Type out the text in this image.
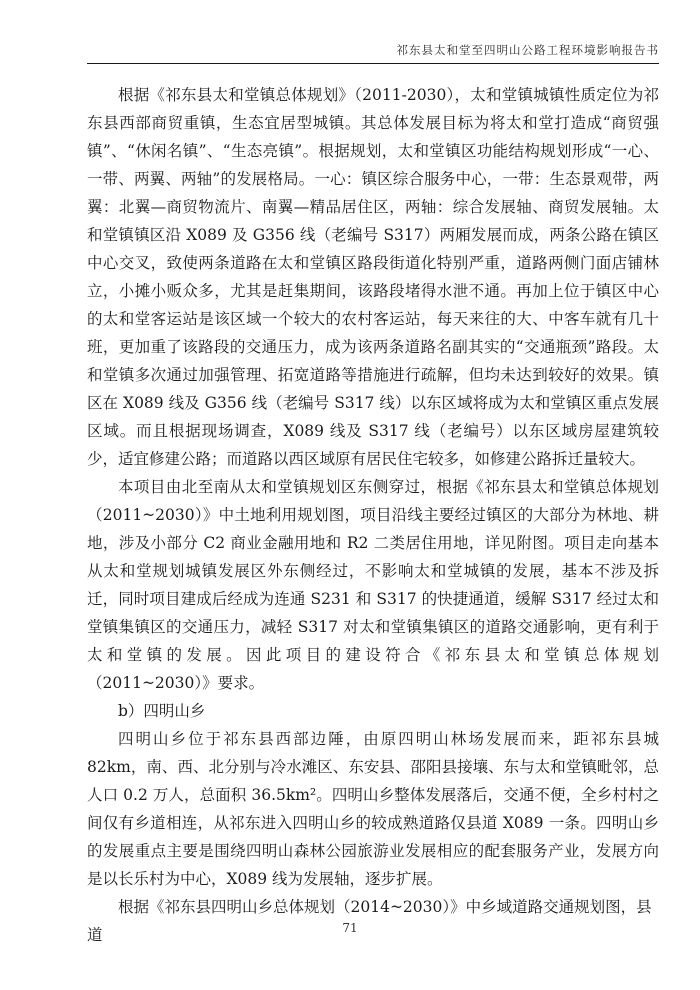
祁东县太和堂至四明山公路工程环境影响报告书

根据《祁东县太和堂镇总体规划》（2011-2030），太和堂镇城镇性质定位为祁东县西部商贸重镇，生态宜居型城镇。其总体发展目标为将太和堂打造成“商贸强镇”、“休闲名镇”、“生态亮镇”。根据规划，太和堂镇区功能结构规划形成“一心、一带、两翼、两轴”的发展格局。一心：镇区综合服务中心，一带：生态景观带，两翼：北翼—商贸物流片、南翼—精品居住区，两轴：综合发展轴、商贸发展轴。太和堂镇镇区沿 X089 及 G356 线（老编号 S317）两厢发展而成，两条公路在镇区中心交叉，致使两条道路在太和堂镇区路段街道化特别严重，道路两侧门面店铺林立，小摊小贩众多，尤其是赶集期间，该路段堵得水泄不通。再加上位于镇区中心的太和堂客运站是该区域一个较大的农村客运站，每天来往的大、中客车就有几十班，更加重了该路段的交通压力，成为该两条道路名副其实的“交通瓶颈”路段。太和堂镇多次通过加强管理、拓宽道路等措施进行疏解，但均未达到较好的效果。镇区在 X089 线及 G356 线（老编号 S317 线）以东区域将成为太和堂镇区重点发展区域。而且根据现场调查，X089 线及 S317 线（老编号）以东区域房屋建筑较少，适宜修建公路；而道路以西区域原有居民住宅较多，如修建公路拆迁量较大。

本项目由北至南从太和堂镇规划区东侧穿过，根据《祁东县太和堂镇总体规划（2011~2030）》中土地利用规划图，项目沿线主要经过镇区的大部分为林地、耕地，涉及小部分 C2 商业金融用地和 R2 二类居住用地，详见附图。项目走向基本从太和堂规划城镇发展区外东侧经过，不影响太和堂城镇的发展，基本不涉及拆迁，同时项目建成后经成为连通 S231 和 S317 的快捷通道，缓解 S317 经过太和堂镇集镇区的交通压力，减轻 S317 对太和堂镇集镇区的道路交通影响，更有利于太和堂镇的发展。因此项目的建设符合《祁东县太和堂镇总体规划（2011~2030）》要求。

b）四明山乡

四明山乡位于祁东县西部边陲，由原四明山林场发展而来，距祁东县城 82km，南、西、北分别与冷水滩区、东安县、邵阳县接壤、东与太和堂镇毗邻，总人口 0.2 万人，总面积 36.5km²。四明山乡整体发展落后，交通不便，全乡村村之间仅有乡道相连，从祁东进入四明山乡的较成熟道路仅县道 X089 一条。四明山乡的发展重点主要是围绕四明山森林公园旅游业发展相应的配套服务产业，发展方向是以长乐村为中心，X089 线为发展轴，逐步扩展。

根据《祁东县四明山乡总体规划（2014~2030）》中乡域道路交通规划图，县道	71
